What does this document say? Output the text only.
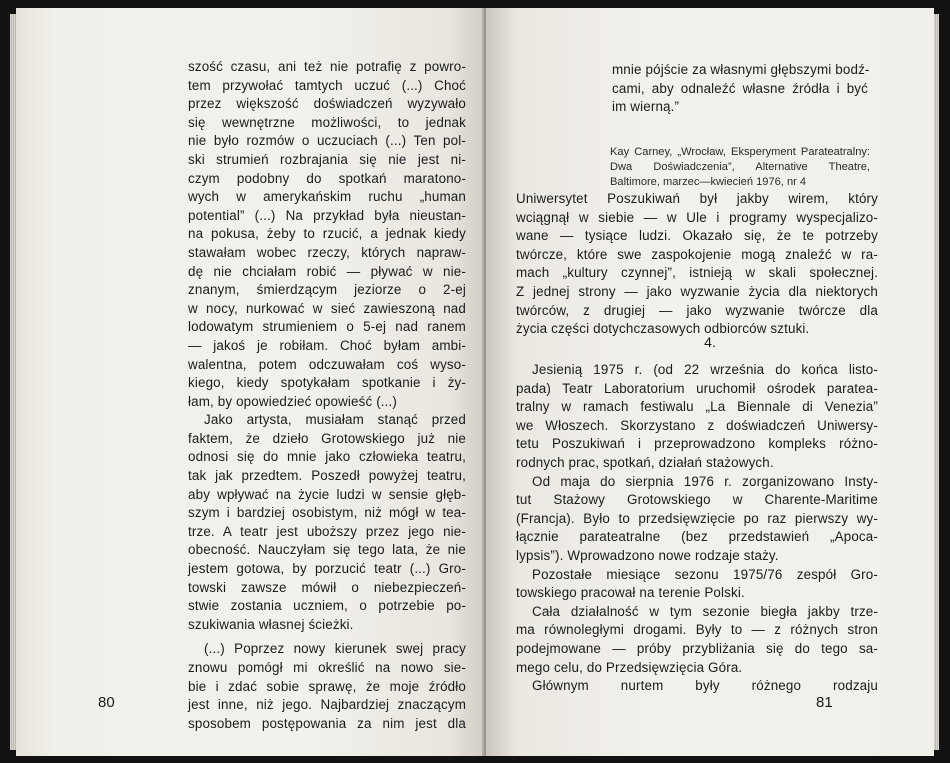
szość czasu, ani też nie potrafię z powro-
tem przywołać tamtych uczuć (...) Choć
przez większość doświadczeń wyzywało
się wewnętrzne możliwości, to jednak
nie było rozmów o uczuciach (...) Ten pol-
ski strumień rozbrajania się nie jest ni-
czym podobny do spotkań maratono-
wych w amerykańskim ruchu „human
potential” (...) Na przykład była nieustan-
na pokusa, żeby to rzucić, a jednak kiedy
stawałam wobec rzeczy, których napraw-
dę nie chciałam robić — pływać w nie-
znanym, śmierdzącym jeziorze o 2-ej
w nocy, nurkować w sieć zawieszoną nad
lodowatym strumieniem o 5-ej nad ranem
— jakoś je robiłam. Choć byłam ambi-
walentna, potem odczuwałam coś wyso-
kiego, kiedy spotykałam spotkanie i ży-
łam, by opowiedzieć opowieść (...)

Jako artysta, musiałam stanąć przed
faktem, że dzieło Grotowskiego już nie
odnosi się do mnie jako człowieka teatru,
tak jak przedtem. Poszedł powyżej teatru,
aby wpływać na życie ludzi w sensie głęb-
szym i bardziej osobistym, niż mógł w tea-
trze. A teatr jest uboższy przez jego nie-
obecność. Nauczyłam się tego lata, że nie
jestem gotowa, by porzucić teatr (...) Gro-
towski zawsze mówił o niebezpieczeń-
stwie zostania uczniem, o potrzebie po-
szukiwania własnej ścieżki.

(...) Poprzez nowy kierunek swej pracy
znowu pomógł mi określić na nowo sie-
bie i zdać sobie sprawę, że moje źródło
jest inne, niż jego. Najbardziej znaczącym
sposobem postępowania za nim jest dla

80

mnie pójście za własnymi głębszymi bodź-
cami, aby odnaleźć własne źródła i być
im wierną.”

Kay Carney, „Wrocław, Eksperyment Parateatralny:
Dwa Doświadczenia”, Alternative Theatre,
Baltimore, marzec—kwiecień 1976, nr 4

Uniwersytet Poszukiwań był jakby wirem, który
wciągnął w siebie — w Ule i programy wyspecjalizo-
wane — tysiące ludzi. Okazało się, że te potrzeby
twórcze, które swe zaspokojenie mogą znaleźć w ra-
mach „kultury czynnej”, istnieją w skali społecznej.
Z jednej strony — jako wyzwanie życia dla niektorych
twórców, z drugiej — jako wyzwanie twórcze dla
życia części dotychczasowych odbiorców sztuki.

4.

Jesienią 1975 r. (od 22 września do końca listo-
pada) Teatr Laboratorium uruchomił ośrodek paratea-
tralny w ramach festiwalu „La Biennale di Venezia”
we Włoszech. Skorzystano z doświadczeń Uniwersy-
tetu Poszukiwań i przeprowadzono kompleks różno-
rodnych prac, spotkań, działań stażowych.

Od maja do sierpnia 1976 r. zorganizowano Insty-
tut Stażowy Grotowskiego w Charente-Maritime
(Francja). Było to przedsięwzięcie po raz pierwszy wy-
łącznie parateatralne (bez przedstawień „Apoca-
lypsis”). Wprowadzono nowe rodzaje staży.

Pozostałe miesiące sezonu 1975/76 zespół Gro-
towskiego pracował na terenie Polski.

Cała działalność w tym sezonie biegła jakby trze-
ma równoległymi drogami. Były to — z różnych stron
podejmowane — próby przybliżania się do tego sa-
mego celu, do Przedsięwzięcia Góra.

Głównym nurtem były różnego rodzaju

81
